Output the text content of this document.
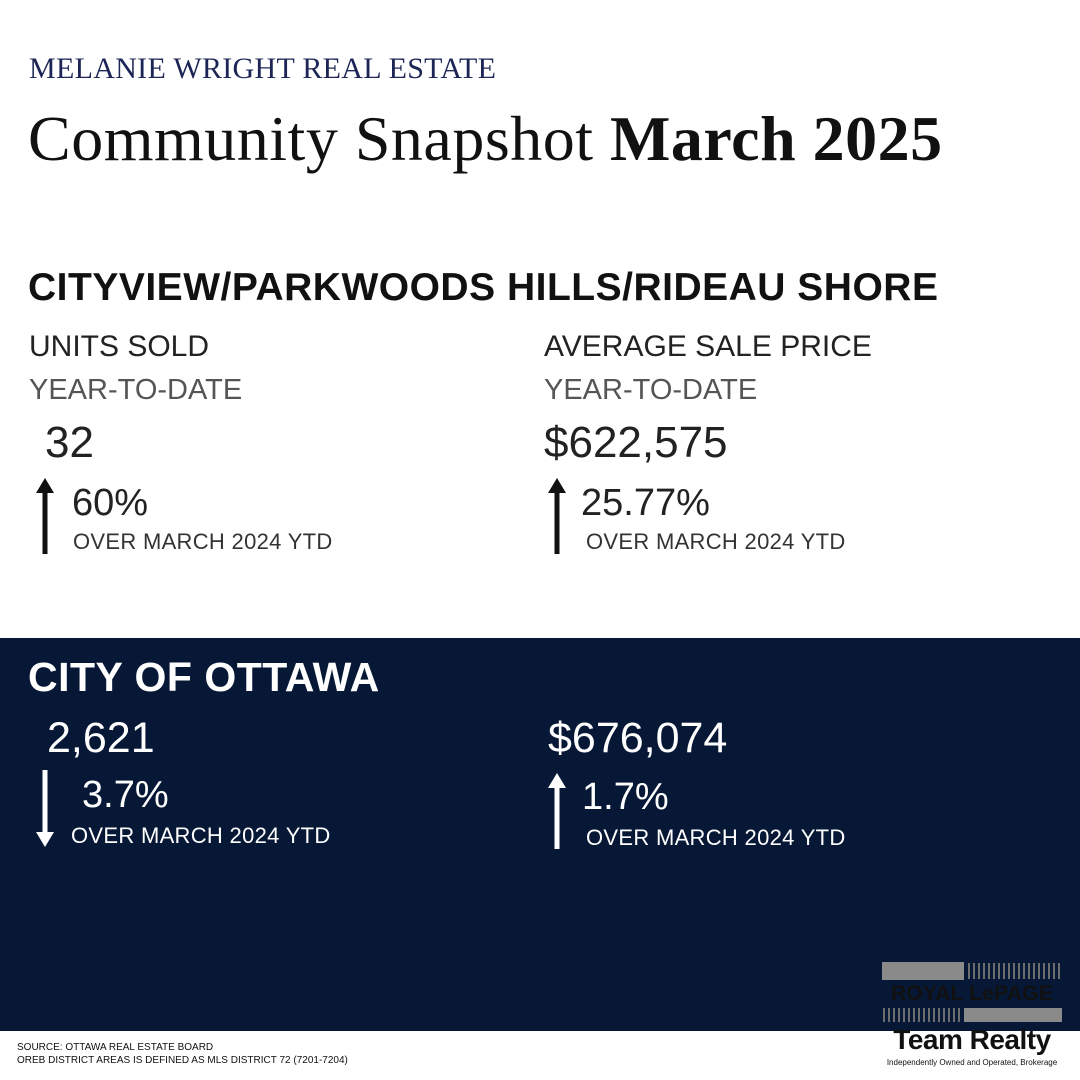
MELANIE WRIGHT REAL ESTATE
Community Snapshot March 2025
CITYVIEW/PARKWOODS HILLS/RIDEAU SHORE
UNITS SOLD
YEAR-TO-DATE
32
60%
OVER MARCH 2024 YTD
AVERAGE SALE PRICE
YEAR-TO-DATE
$622,575
25.77%
OVER MARCH 2024 YTD
CITY OF OTTAWA
2,621
3.7%
OVER MARCH 2024 YTD
$676,074
1.7%
OVER MARCH 2024 YTD
SOURCE: OTTAWA REAL ESTATE BOARD
OREB DISTRICT AREAS IS DEFINED AS MLS DISTRICT 72 (7201-7204)
ROYAL LePAGE
Team Realty
Independently Owned and Operated, Brokerage
